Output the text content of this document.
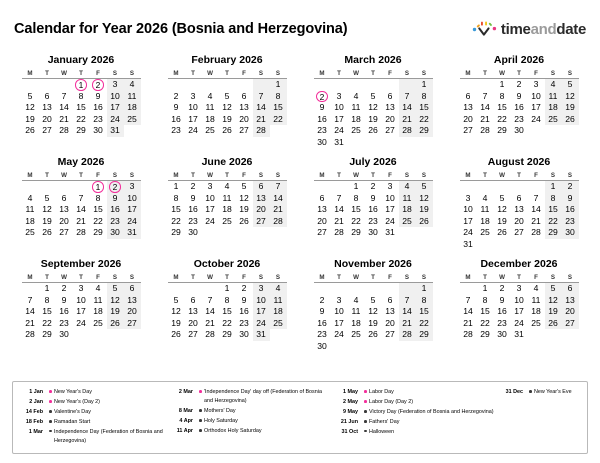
Calendar for Year 2026 (Bosnia and Herzegovina)	timeanddate
January 2026
M	T	W	T	F	S	S
			1	2	3	4
5	6	7	8	9	10	11
12	13	14	15	16	17	18
19	20	21	22	23	24	25
26	27	28	29	30	31	
February 2026
M	T	W	T	F	S	S
						1
2	3	4	5	6	7	8
9	10	11	12	13	14	15
16	17	18	19	20	21	22
23	24	25	26	27	28	
March 2026
M	T	W	T	F	S	S
						1
2	3	4	5	6	7	8
9	10	11	12	13	14	15
16	17	18	19	20	21	22
23	24	25	26	27	28	29
30	31					
April 2026
M	T	W	T	F	S	S
		1	2	3	4	5
6	7	8	9	10	11	12
13	14	15	16	17	18	19
20	21	22	23	24	25	26
27	28	29	30			
May 2026
M	T	W	T	F	S	S
				1	2	3
4	5	6	7	8	9	10
11	12	13	14	15	16	17
18	19	20	21	22	23	24
25	26	27	28	29	30	31
June 2026
M	T	W	T	F	S	S
1	2	3	4	5	6	7
8	9	10	11	12	13	14
15	16	17	18	19	20	21
22	23	24	25	26	27	28
29	30					
July 2026
M	T	W	T	F	S	S
		1	2	3	4	5
6	7	8	9	10	11	12
13	14	15	16	17	18	19
20	21	22	23	24	25	26
27	28	29	30	31		
August 2026
M	T	W	T	F	S	S
					1	2
3	4	5	6	7	8	9
10	11	12	13	14	15	16
17	18	19	20	21	22	23
24	25	26	27	28	29	30
31						
September 2026
M	T	W	T	F	S	S
	1	2	3	4	5	6
7	8	9	10	11	12	13
14	15	16	17	18	19	20
21	22	23	24	25	26	27
28	29	30				
October 2026
M	T	W	T	F	S	S
			1	2	3	4
5	6	7	8	9	10	11
12	13	14	15	16	17	18
19	20	21	22	23	24	25
26	27	28	29	30	31	
November 2026
M	T	W	T	F	S	S
						1
2	3	4	5	6	7	8
9	10	11	12	13	14	15
16	17	18	19	20	21	22
23	24	25	26	27	28	29
30						
December 2026
M	T	W	T	F	S	S
	1	2	3	4	5	6
7	8	9	10	11	12	13
14	15	16	17	18	19	20
21	22	23	24	25	26	27
28	29	30	31			
1 Jan	New Year's Day
2 Jan	New Year's (Day 2)
14 Feb	Valentine's Day
18 Feb	Ramadan Start
1 Mar	Independence Day (Federation of Bosnia and Herzegovina)
2 Mar	'Independence Day' day off (Federation of Bosnia and Herzegovina)
8 Mar	Mothers' Day
4 Apr	Holy Saturday
11 Apr	Orthodox Holy Saturday
1 May	Labor Day
2 May	Labor Day (Day 2)
9 May	Victory Day (Federation of Bosnia and Herzegovina)
21 Jun	Fathers' Day
31 Oct	Halloween
31 Dec	New Year's Eve
